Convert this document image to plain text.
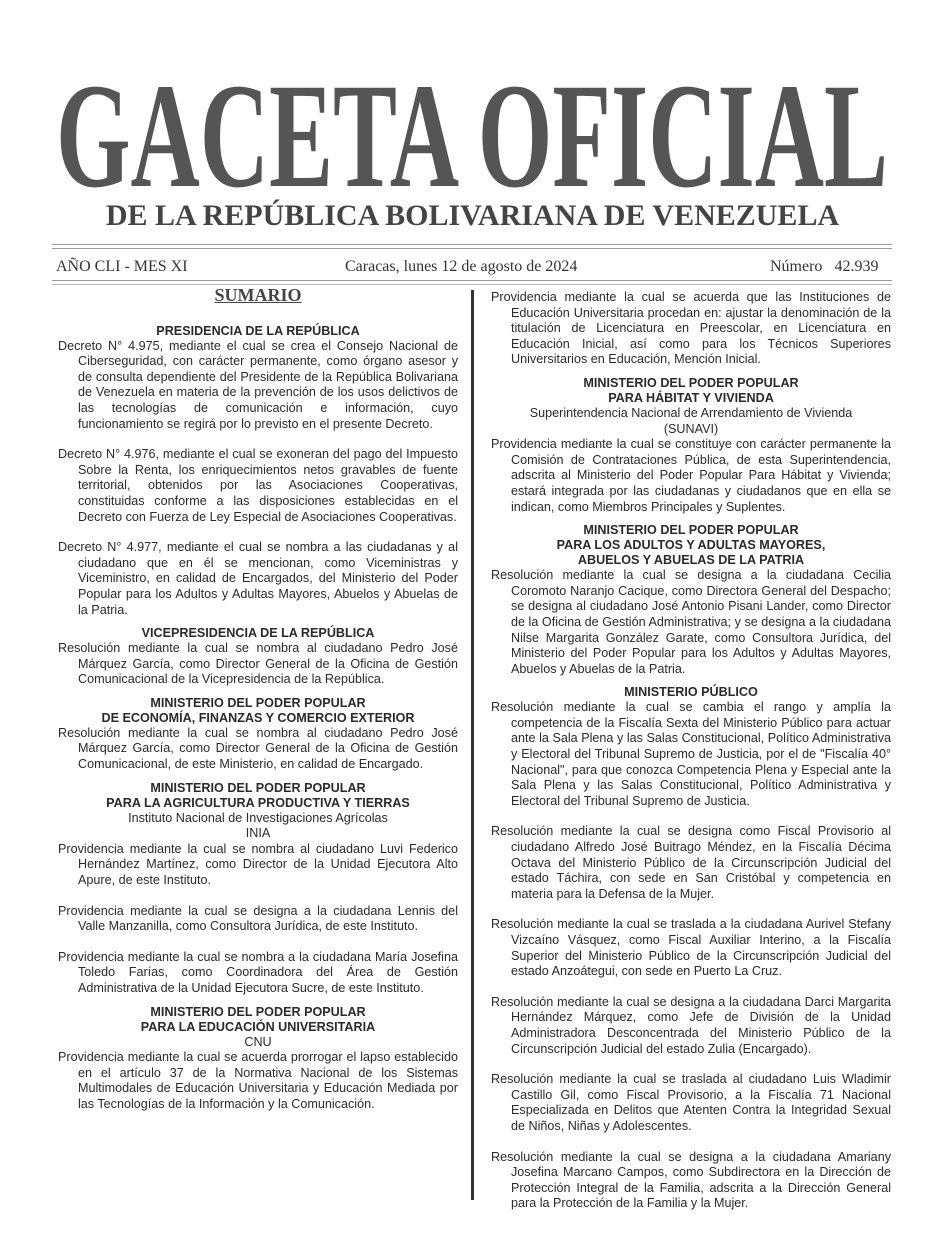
GACETA OFICIAL
DE LA REPÚBLICA BOLIVARIANA DE VENEZUELA
AÑO CLI - MES XI	Caracas, lunes 12 de agosto de 2024	Número 42.939
SUMARIO
PRESIDENCIA DE LA REPÚBLICA
Decreto N° 4.975, mediante el cual se crea el Consejo Nacional de Ciberseguridad, con carácter permanente, como órgano asesor y de consulta dependiente del Presidente de la República Bolivariana de Venezuela en materia de la prevención de los usos delictivos de las tecnologías de comunicación e información, cuyo funcionamiento se regirá por lo previsto en el presente Decreto.
Decreto N° 4.976, mediante el cual se exoneran del pago del Impuesto Sobre la Renta, los enriquecimientos netos gravables de fuente territorial, obtenidos por las Asociaciones Cooperativas, constituidas conforme a las disposiciones establecidas en el Decreto con Fuerza de Ley Especial de Asociaciones Cooperativas.
Decreto N° 4.977, mediante el cual se nombra a las ciudadanas y al ciudadano que en él se mencionan, como Viceministras y Viceministro, en calidad de Encargados, del Ministerio del Poder Popular para los Adultos y Adultas Mayores, Abuelos y Abuelas de la Patria.
VICEPRESIDENCIA DE LA REPÚBLICA
Resolución mediante la cual se nombra al ciudadano Pedro José Márquez García, como Director General de la Oficina de Gestión Comunicacional de la Vicepresidencia de la República.
MINISTERIO DEL PODER POPULAR
DE ECONOMÍA, FINANZAS Y COMERCIO EXTERIOR
Resolución mediante la cual se nombra al ciudadano Pedro José Márquez García, como Director General de la Oficina de Gestión Comunicacional, de este Ministerio, en calidad de Encargado.
MINISTERIO DEL PODER POPULAR
PARA LA AGRICULTURA PRODUCTIVA Y TIERRAS
Instituto Nacional de Investigaciones Agrícolas
INIA
Providencia mediante la cual se nombra al ciudadano Luvi Federico Hernández Martínez, como Director de la Unidad Ejecutora Alto Apure, de este Instituto.
Providencia mediante la cual se designa a la ciudadana Lennis del Valle Manzanilla, como Consultora Jurídica, de este Instituto.
Providencia mediante la cual se nombra a la ciudadana María Josefina Toledo Farías, como Coordinadora del Área de Gestión Administrativa de la Unidad Ejecutora Sucre, de este Instituto.
MINISTERIO DEL PODER POPULAR
PARA LA EDUCACIÓN UNIVERSITARIA
CNU
Providencia mediante la cual se acuerda prorrogar el lapso establecido en el artículo 37 de la Normativa Nacional de los Sistemas Multimodales de Educación Universitaria y Educación Mediada por las Tecnologías de la Información y la Comunicación.
Providencia mediante la cual se acuerda que las Instituciones de Educación Universitaria procedan en: ajustar la denominación de la titulación de Licenciatura en Preescolar, en Licenciatura en Educación Inicial, así como para los Técnicos Superiores Universitarios en Educación, Mención Inicial.
MINISTERIO DEL PODER POPULAR
PARA HÁBITAT Y VIVIENDA
Superintendencia Nacional de Arrendamiento de Vivienda
(SUNAVI)
Providencia mediante la cual se constituye con carácter permanente la Comisión de Contrataciones Pública, de esta Superintendencia, adscrita al Ministerio del Poder Popular Para Hábitat y Vivienda; estará integrada por las ciudadanas y ciudadanos que en ella se indican, como Miembros Principales y Suplentes.
MINISTERIO DEL PODER POPULAR
PARA LOS ADULTOS Y ADULTAS MAYORES,
ABUELOS Y ABUELAS DE LA PATRIA
Resolución mediante la cual se designa a la ciudadana Cecilia Coromoto Naranjo Cacique, como Directora General del Despacho; se designa al ciudadano José Antonio Pisani Lander, como Director de la Oficina de Gestión Administrativa; y se designa a la ciudadana Nilse Margarita González Garate, como Consultora Jurídica, del Ministerio del Poder Popular para los Adultos y Adultas Mayores, Abuelos y Abuelas de la Patria.
MINISTERIO PÚBLICO
Resolución mediante la cual se cambia el rango y amplía la competencia de la Fiscalía Sexta del Ministerio Público para actuar ante la Sala Plena y las Salas Constitucional, Político Administrativa y Electoral del Tribunal Supremo de Justicia, por el de "Fiscalía 40° Nacional", para que conozca Competencia Plena y Especial ante la Sala Plena y las Salas Constitucional, Político Administrativa y Electoral del Tribunal Supremo de Justicia.
Resolución mediante la cual se designa como Fiscal Provisorio al ciudadano Alfredo José Buitrago Méndez, en la Fiscalía Décima Octava del Ministerio Público de la Circunscripción Judicial del estado Táchira, con sede en San Cristóbal y competencia en materia para la Defensa de la Mujer.
Resolución mediante la cual se traslada a la ciudadana Aurivel Stefany Vizcaíno Vásquez, como Fiscal Auxiliar Interino, a la Fiscalía Superior del Ministerio Público de la Circunscripción Judicial del estado Anzoátegui, con sede en Puerto La Cruz.
Resolución mediante la cual se designa a la ciudadana Darci Margarita Hernández Márquez, como Jefe de División de la Unidad Administradora Desconcentrada del Ministerio Público de la Circunscripción Judicial del estado Zulia (Encargado).
Resolución mediante la cual se traslada al ciudadano Luis Wladimir Castillo Gil, como Fiscal Provisorio, a la Fiscalía 71 Nacional Especializada en Delitos que Atenten Contra la Integridad Sexual de Niños, Niñas y Adolescentes.
Resolución mediante la cual se designa a la ciudadana Amariany Josefina Marcano Campos, como Subdirectora en la Dirección de Protección Integral de la Familia, adscrita a la Dirección General para la Protección de la Familia y la Mujer.
